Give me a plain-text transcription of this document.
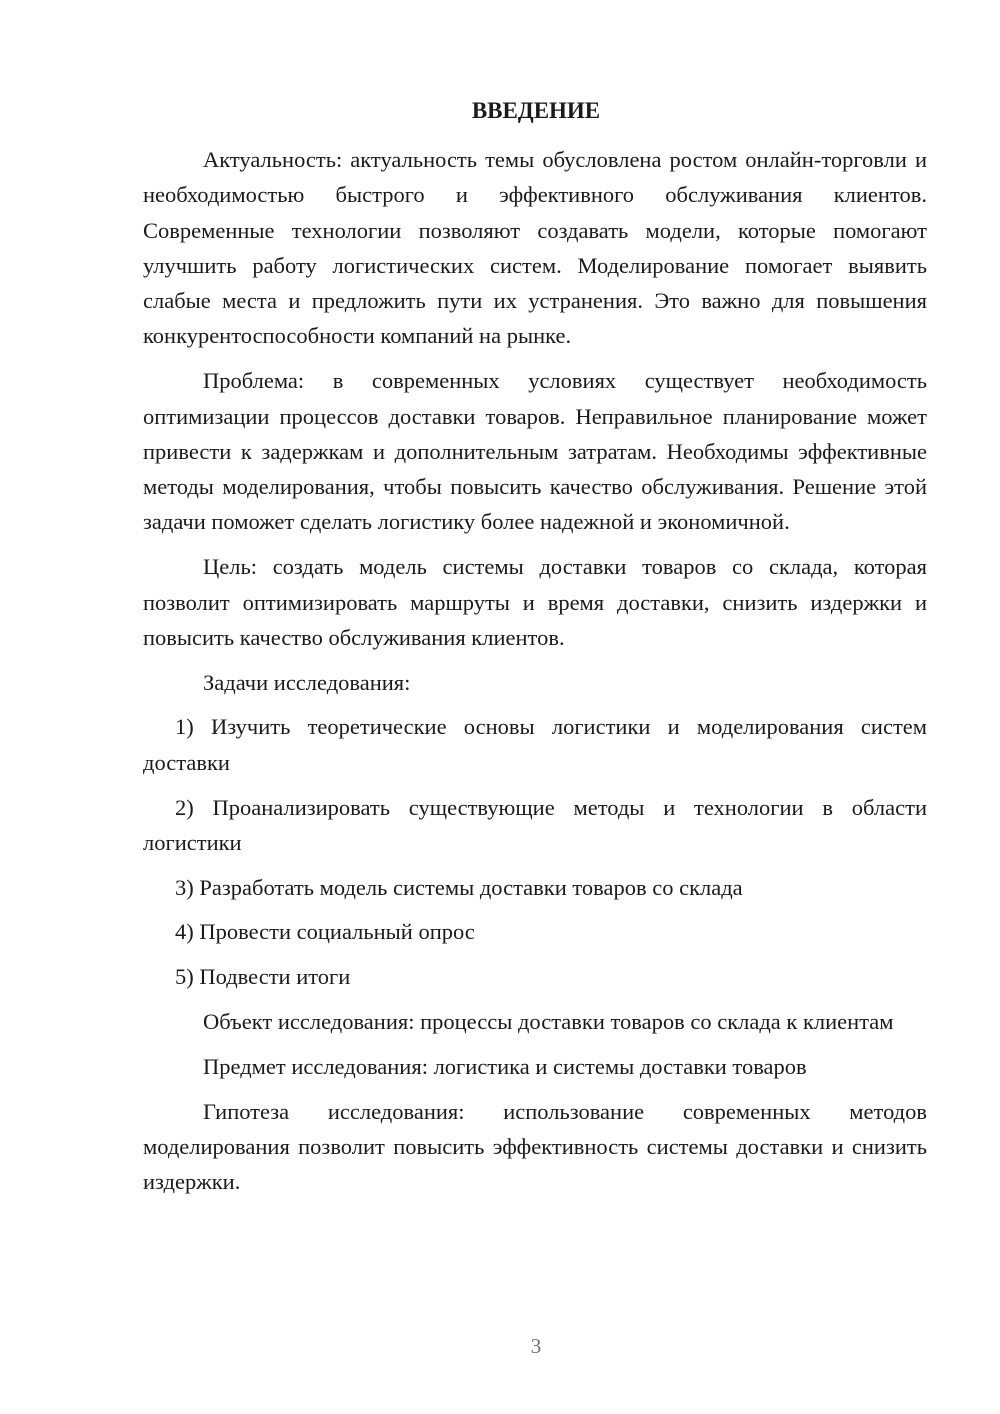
ВВЕДЕНИЕ

Актуальность: актуальность темы обусловлена ростом онлайн-торговли и необходимостью быстрого и эффективного обслуживания клиентов. Современные технологии позволяют создавать модели, которые помогают улучшить работу логистических систем. Моделирование помогает выявить слабые места и предложить пути их устранения. Это важно для повышения конкурентоспособности компаний на рынке.

Проблема: в современных условиях существует необходимость оптимизации процессов доставки товаров. Неправильное планирование может привести к задержкам и дополнительным затратам. Необходимы эффективные методы моделирования, чтобы повысить качество обслуживания. Решение этой задачи поможет сделать логистику более надежной и экономичной.

Цель: создать модель системы доставки товаров со склада, которая позволит оптимизировать маршруты и время доставки, снизить издержки и повысить качество обслуживания клиентов.

Задачи исследования:

1) Изучить теоретические основы логистики и моделирования систем доставки

2) Проанализировать существующие методы и технологии в области логистики

3) Разработать модель системы доставки товаров со склада

4) Провести социальный опрос

5) Подвести итоги

Объект исследования: процессы доставки товаров со склада к клиентам

Предмет исследования: логистика и системы доставки товаров

Гипотеза исследования: использование современных методов моделирования позволит повысить эффективность системы доставки и снизить издержки.

3
